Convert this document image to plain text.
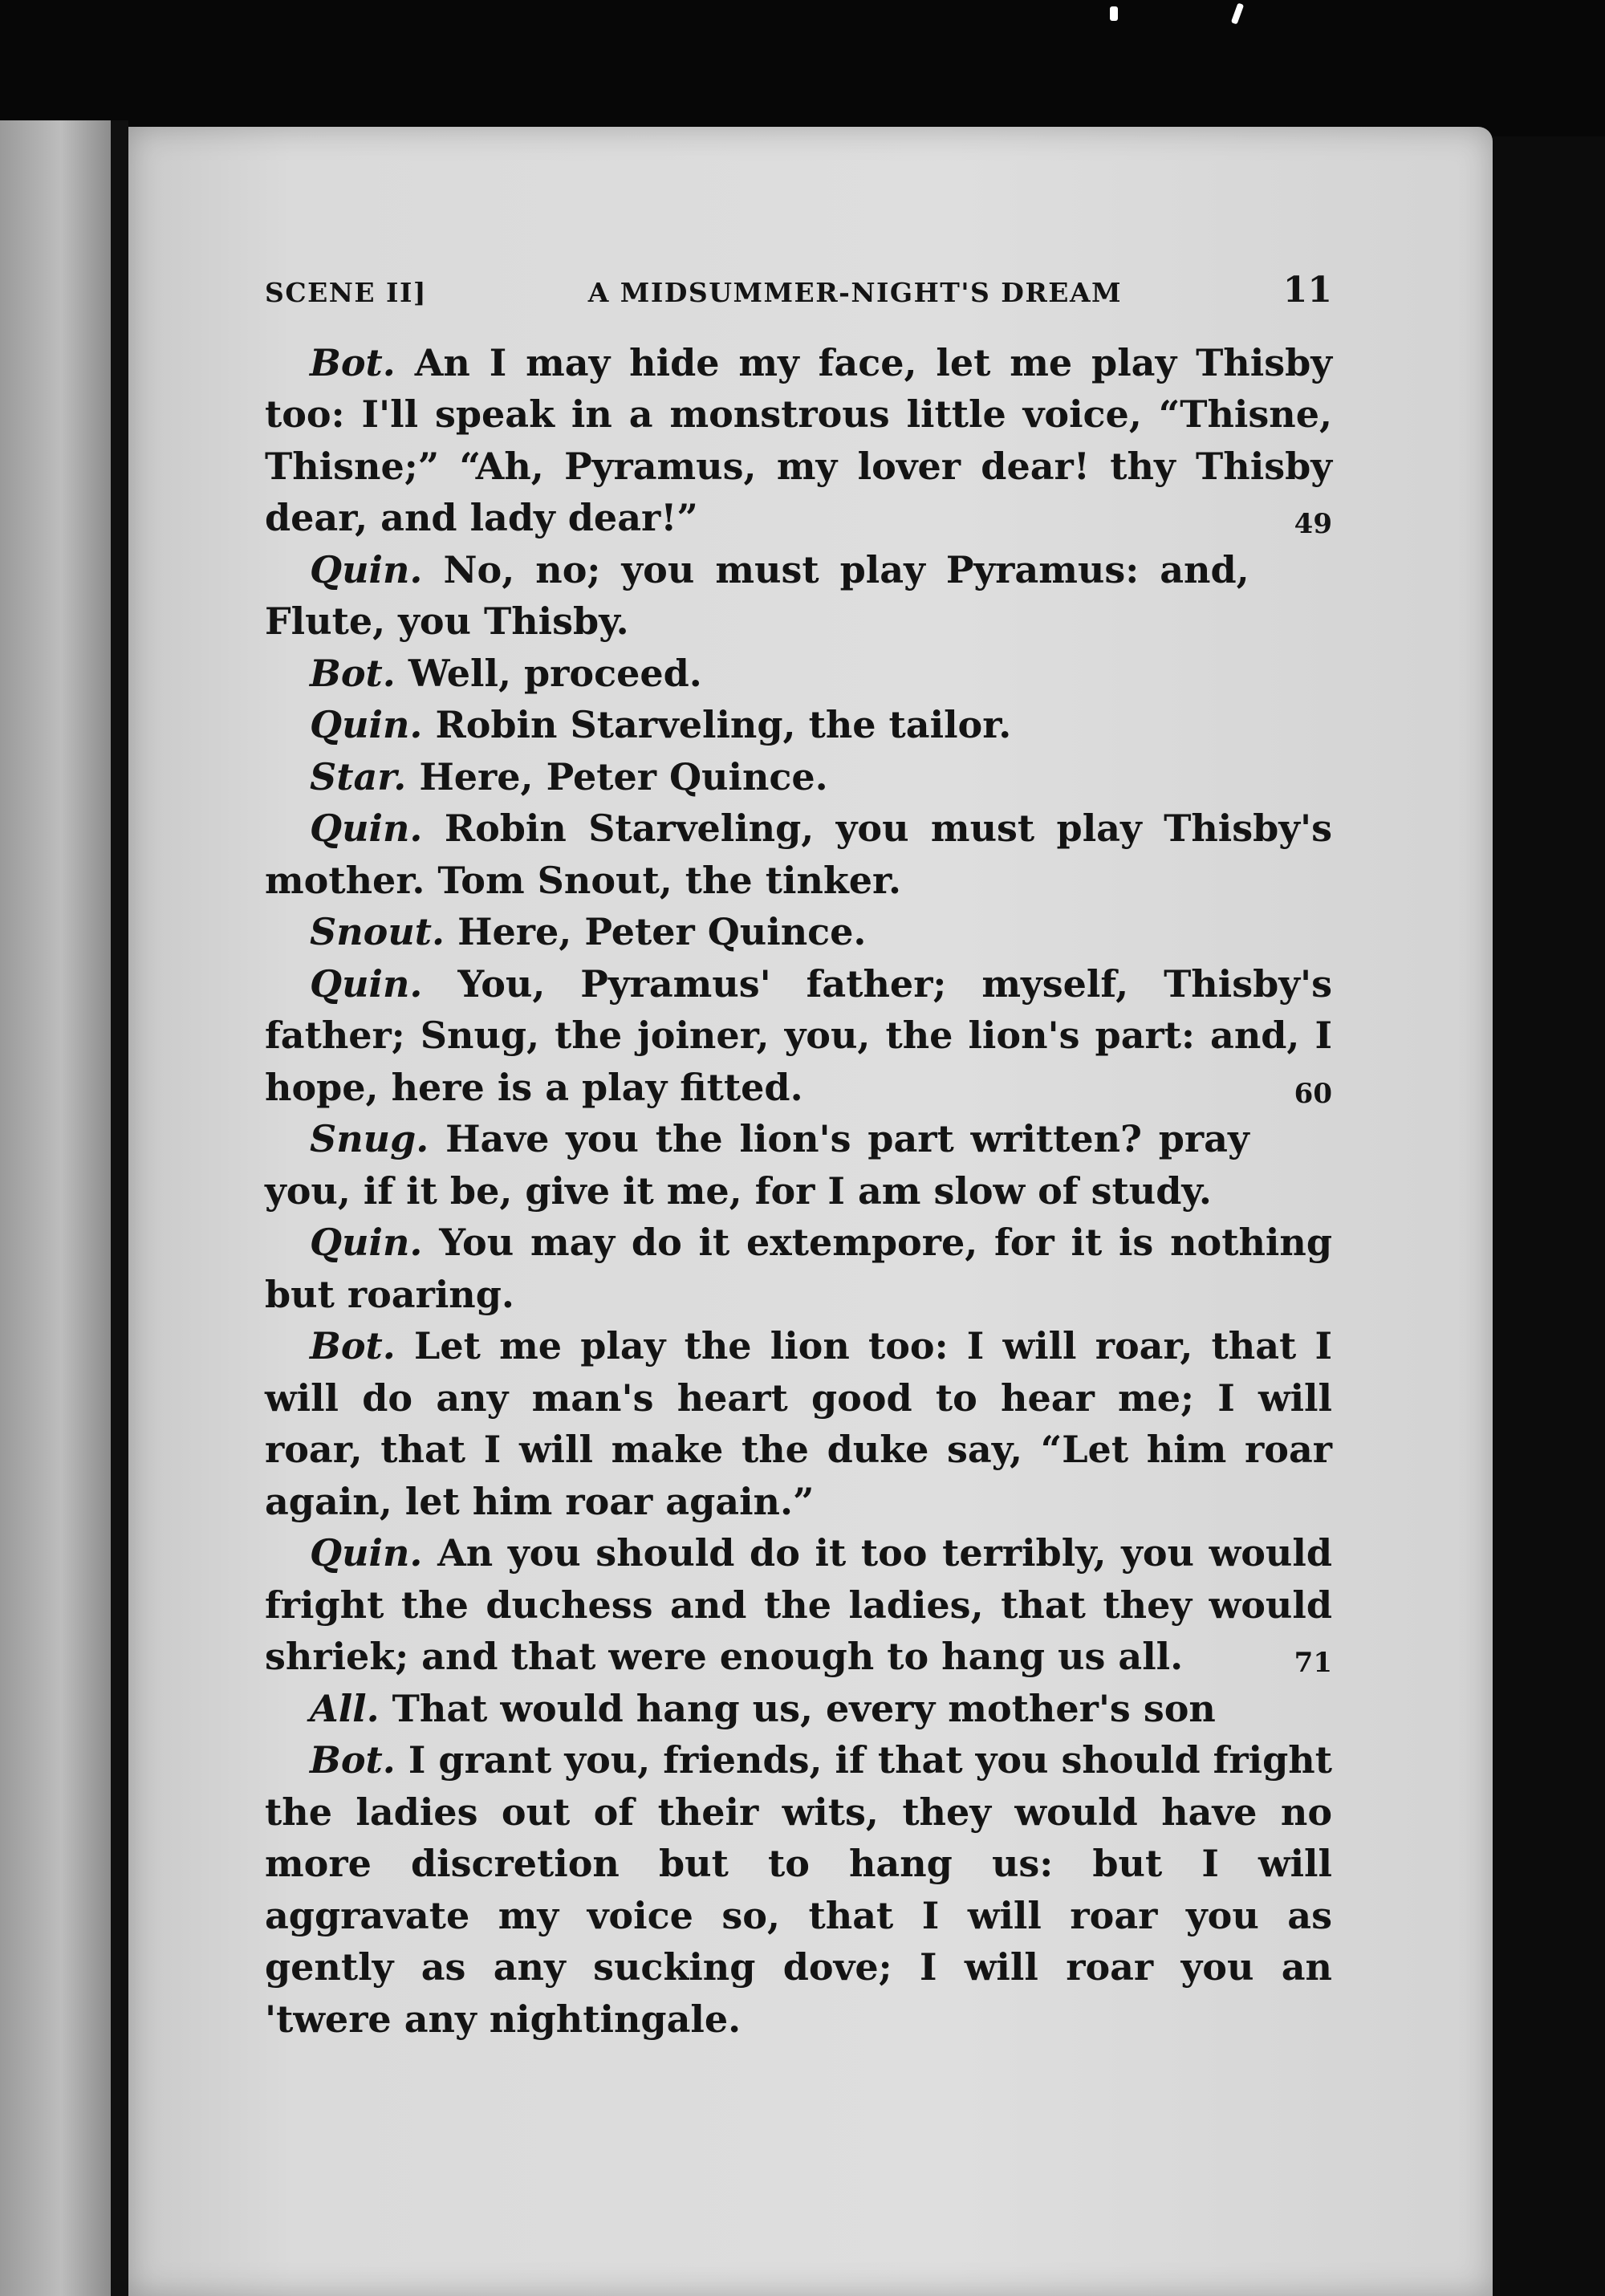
SCENE II]	A MIDSUMMER-NIGHT'S DREAM	11

Bot. An I may hide my face, let me play Thisby too: I'll speak in a monstrous little voice, “Thisne, Thisne;” “Ah, Pyramus, my lover dear! thy Thisby dear, and lady dear!”	49

Quin. No, no; you must play Pyramus: and, Flute, you Thisby.

Bot. Well, proceed.

Quin. Robin Starveling, the tailor.

Star. Here, Peter Quince.

Quin. Robin Starveling, you must play Thisby's mother. Tom Snout, the tinker.

Snout. Here, Peter Quince.

Quin. You, Pyramus' father; myself, Thisby's father; Snug, the joiner, you, the lion's part: and, I hope, here is a play fitted.	60

Snug. Have you the lion's part written? pray you, if it be, give it me, for I am slow of study.

Quin. You may do it extempore, for it is nothing but roaring.

Bot. Let me play the lion too: I will roar, that I will do any man's heart good to hear me; I will roar, that I will make the duke say, “Let him roar again, let him roar again.”

Quin. An you should do it too terribly, you would fright the duchess and the ladies, that they would shriek; and that were enough to hang us all.	71

All. That would hang us, every mother's son

Bot. I grant you, friends, if that you should fright the ladies out of their wits, they would have no more discretion but to hang us: but I will aggravate my voice so, that I will roar you as gently as any sucking dove; I will roar you an 'twere any nightingale.
